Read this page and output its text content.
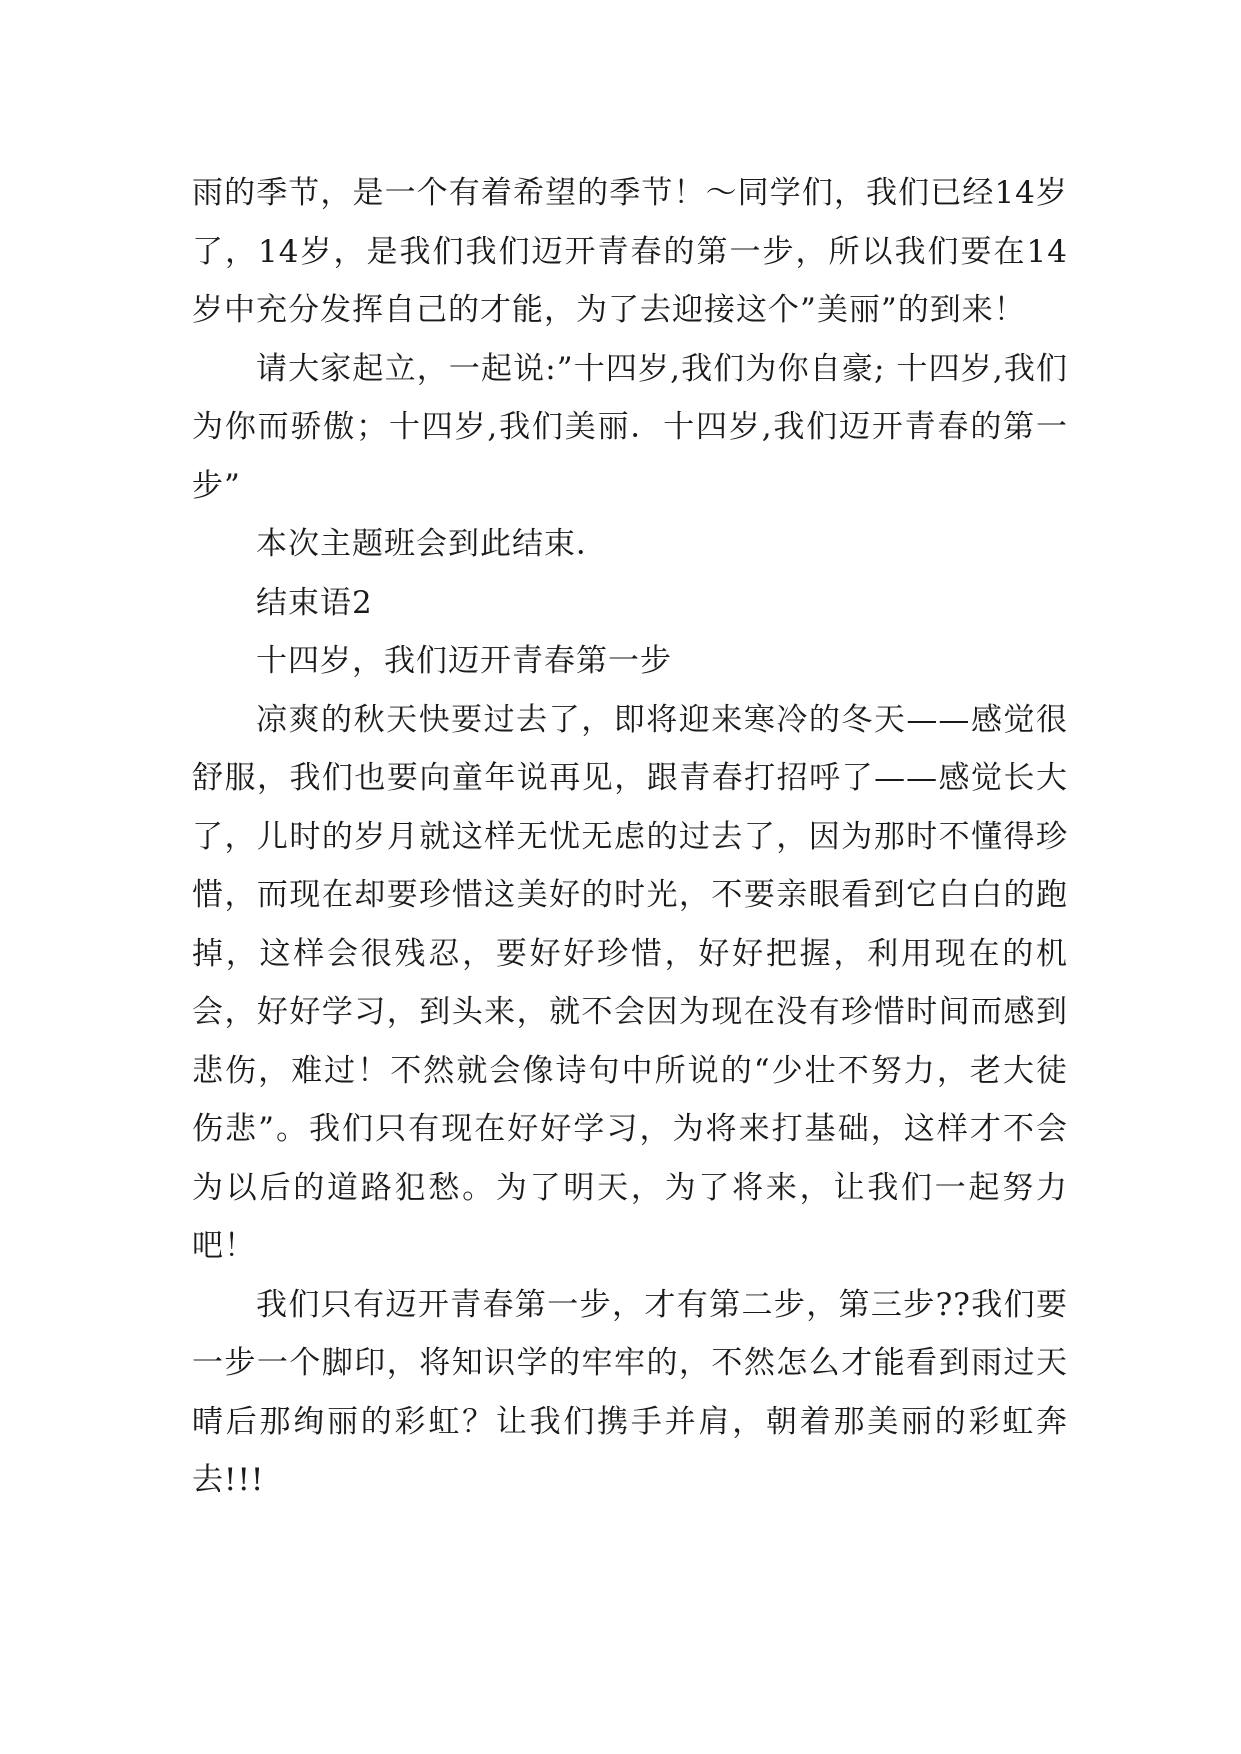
雨的季节，是一个有着希望的季节！～同学们，我们已经14岁了，14岁，是我们我们迈开青春的第一步，所以我们要在14岁中充分发挥自己的才能，为了去迎接这个”美丽”的到来！

请大家起立，一起说:”十四岁,我们为你自豪; 十四岁,我们为你而骄傲；十四岁,我们美丽．十四岁,我们迈开青春的第一步”

本次主题班会到此结束．

结束语2

十四岁，我们迈开青春第一步

凉爽的秋天快要过去了，即将迎来寒冷的冬天——感觉很舒服，我们也要向童年说再见，跟青春打招呼了——感觉长大了，儿时的岁月就这样无忧无虑的过去了，因为那时不懂得珍惜，而现在却要珍惜这美好的时光，不要亲眼看到它白白的跑掉，这样会很残忍，要好好珍惜，好好把握，利用现在的机会，好好学习，到头来，就不会因为现在没有珍惜时间而感到悲伤，难过！不然就会像诗句中所说的“少壮不努力，老大徒伤悲”。我们只有现在好好学习，为将来打基础，这样才不会为以后的道路犯愁。为了明天，为了将来，让我们一起努力吧！

我们只有迈开青春第一步，才有第二步，第三步??我们要一步一个脚印，将知识学的牢牢的，不然怎么才能看到雨过天晴后那绚丽的彩虹？让我们携手并肩，朝着那美丽的彩虹奔去!!!
